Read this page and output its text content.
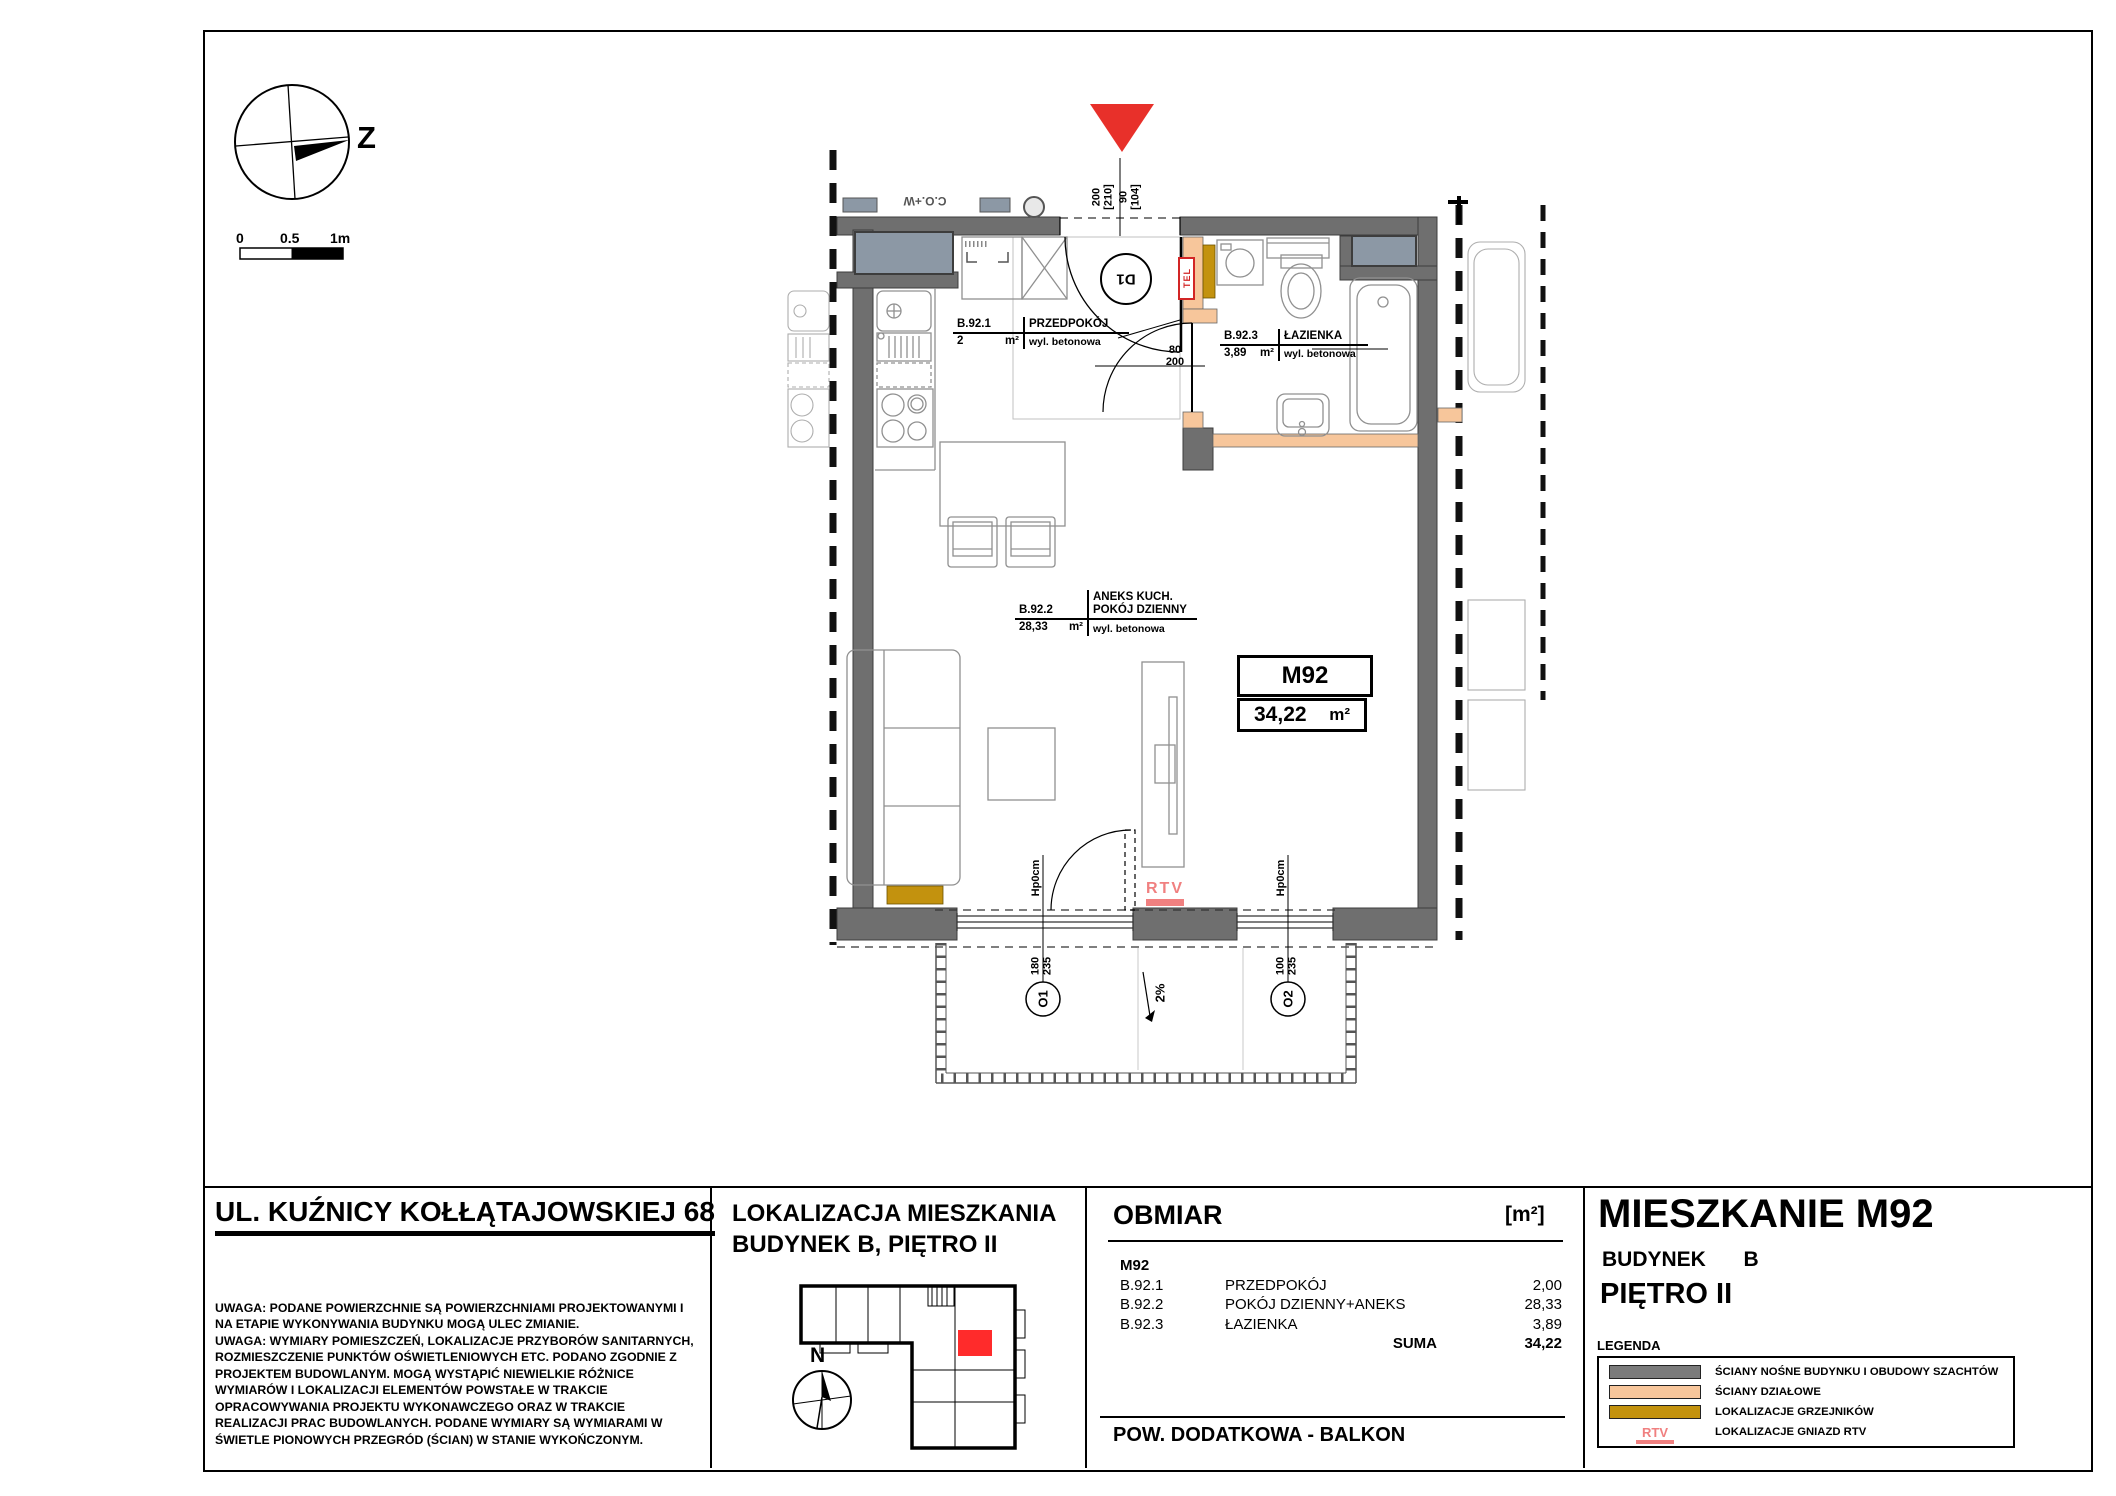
Z
0	0.5 1m
C.O.+W	200
[210] 90
[104]
D1	TEL
B.92.1	PRZEDPOKÓJ
2	m² wyl. betonowa
B.92.3	ŁAZIENKA
3,89 m² wyl. betonowa
80
200
B.92.2
ANEKS KUCH.
POKÓJ DZIENNY
28,33 m² wyl. betonowa
M92
34,22 m²
RTV
Hp0cm	Hp0cm
180
235	100
235
O1	O2
2%
UL. KUŹNICY KOŁŁĄTAJOWSKIEJ 68
UWAGA: PODANE POWIERZCHNIE SĄ POWIERZCHNIAMI PROJEKTOWANYMI I NA ETAPIE WYKONYWANIA BUDYNKU MOGĄ ULEC ZMIANIE.
UWAGA: WYMIARY POMIESZCZEŃ, LOKALIZACJE PRZYBORÓW SANITARNYCH, ROZMIESZCZENIE PUNKTÓW OŚWIETLENIOWYCH ETC. PODANO ZGODNIE Z PROJEKTEM BUDOWLANYM. MOGĄ WYSTĄPIĆ NIEWIELKIE RÓŻNICE WYMIARÓW I LOKALIZACJI ELEMENTÓW POWSTAŁE W TRAKCIE OPRACOWYWANIA PROJEKTU WYKONAWCZEGO ORAZ W TRAKCIE REALIZACJI PRAC BUDOWLANYCH. PODANE WYMIARY SĄ WYMIARAMI W ŚWIETLE PIONOWYCH PRZEGRÓD (ŚCIAN) W STANIE WYKOŃCZONYM.
LOKALIZACJA MIESZKANIA
BUDYNEK B, PIĘTRO II
N
OBMIAR	[m²]
M92
B.92.1	PRZEDPOKÓJ	2,00
B.92.2	POKÓJ DZIENNY+ANEKS	28,33
B.92.3	ŁAZIENKA	3,89
SUMA	34,22
POW. DODATKOWA - BALKON
MIESZKANIE M92
BUDYNEK B
PIĘTRO II
LEGENDA
ŚCIANY NOŚNE BUDYNKU I OBUDOWY SZACHTÓW
ŚCIANY DZIAŁOWE
LOKALIZACJE GRZEJNIKÓW
RTV	LOKALIZACJE GNIAZD RTV
